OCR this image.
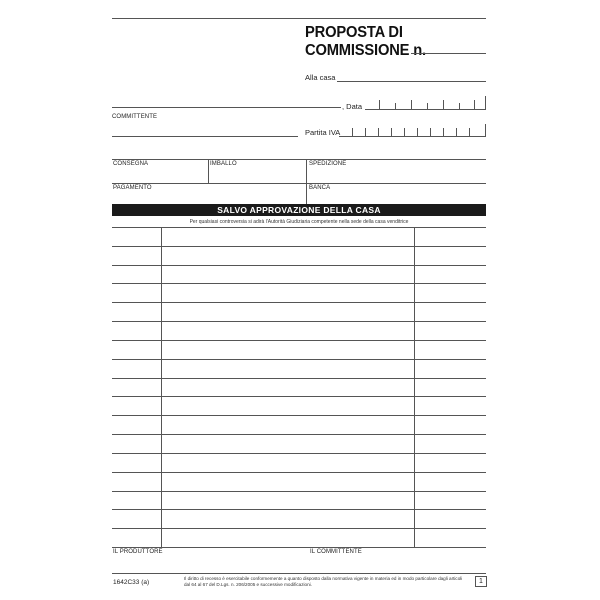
PROPOSTA DI
COMMISSIONE n.
Alla casa
, Data
COMMITTENTE
Partita IVA
CONSEGNA	IMBALLO	SPEDIZIONE
PAGAMENTO	BANCA
SALVO APPROVAZIONE DELLA CASA
Per qualsiasi controversia si adirà l'Autorità Giudiziaria competente nella sede della casa venditrice
IL PRODUTTORE	IL COMMITTENTE
1642C33 (a)
Il diritto di recesso è esercitabile conformemente a quanto disposto dalla normativa vigente in materia ed in modo particolare dagli articoli dal 64 al 67 del D.Lgs. n. 206/2005 e successive modificazioni.	1
